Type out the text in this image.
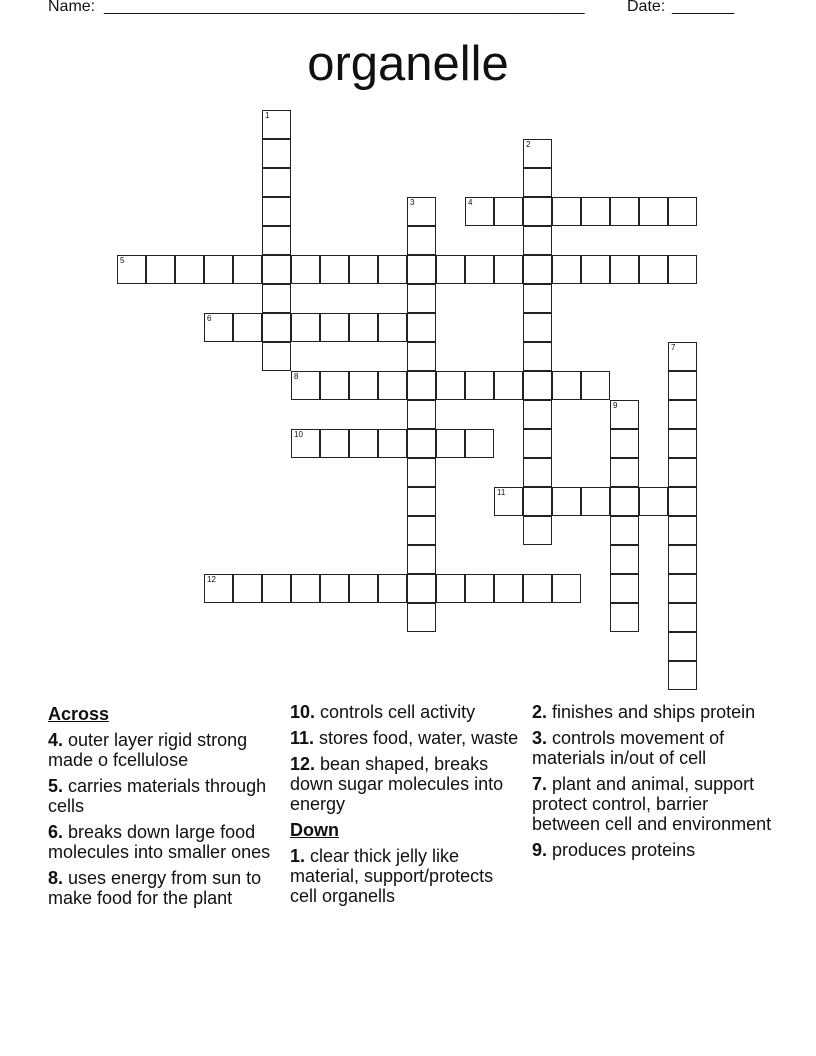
Name: ______________________________________________________	Date: _______
organelle
1
2
3	4
5
6
7
8
9
10
11
12
Across
4. outer layer rigid strong made o fcellulose
5. carries materials through cells
6. breaks down large food molecules into smaller ones
8. uses energy from sun to make food for the plant
10. controls cell activity
11. stores food, water, waste
12. bean shaped, breaks down sugar molecules into energy
Down
1. clear thick jelly like material, support/protects cell organells
2. finishes and ships protein
3. controls movement of materials in/out of cell
7. plant and animal, support protect control, barrier between cell and environment
9. produces proteins
